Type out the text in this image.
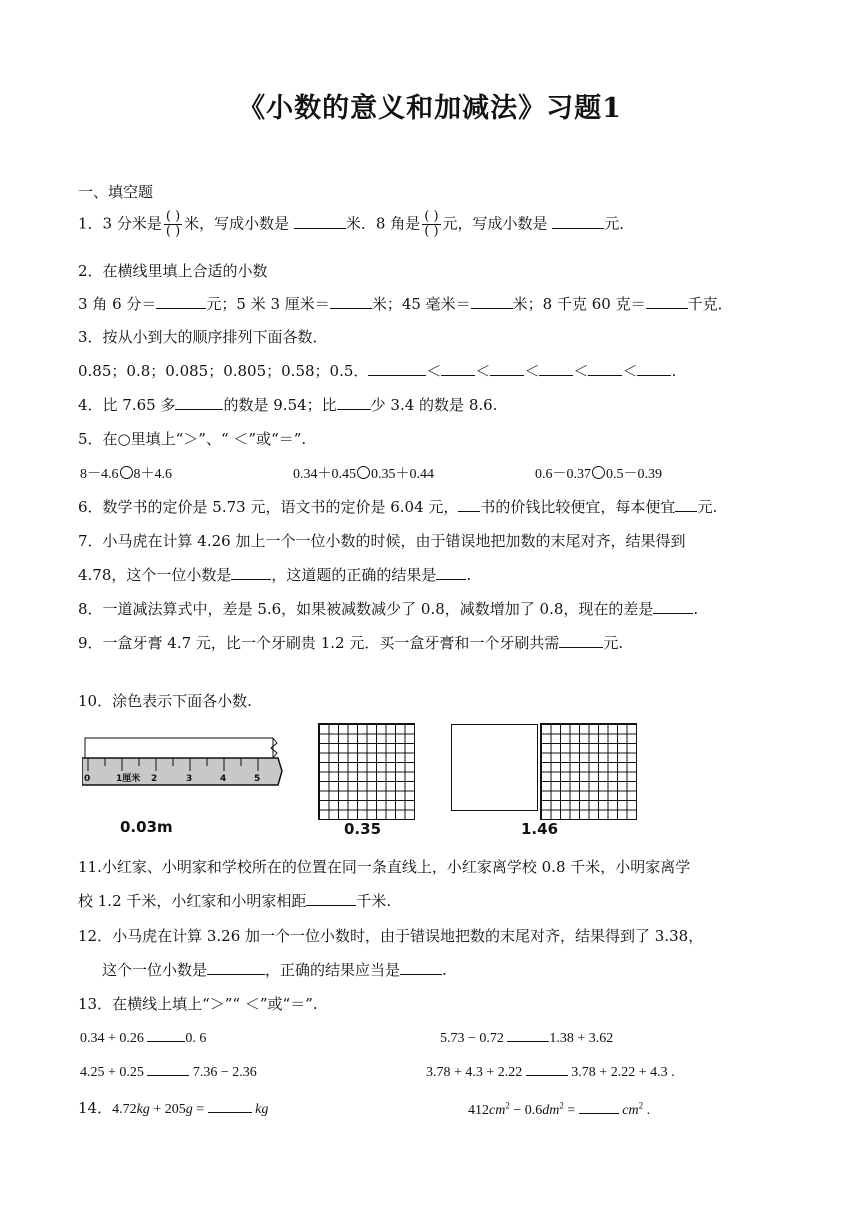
《小数的意义和加减法》习题1
一、填空题
1．3 分米是 $\frac{( )}{( )}$ 米，写成小数是	米．8 角是 $\frac{( )}{( )}$ 元，写成小数是	元．
2．在横线里填上合适的小数
3 角 6 分＝	元；5 米 3 厘米＝	米；45 毫米＝	米；8 千克 60 克＝	千克．
3．按从小到大的顺序排列下面各数．
0.85；0.8；0.085；0.805；0.58；0.5．	＜ ＜ ＜ ＜ ＜ .
4．比 7.65 多	的数是 9.54；比 少 3.4 的数是 8.6.
5．在○里填上“＞”、“ ＜”或“＝”.
8－4.6 8＋4.6	0.34＋0.45 0.35＋0.44	0.6－0.37 0.5－0.39
6．数学书的定价是 5.73 元，语文书的定价是 6.04 元， 书的价钱比较便宜，每本便宜 元.
7．小马虎在计算 4.26 加上一个一位小数的时候，由于错误地把加数的末尾对齐，结果得到
4.78，这个一位小数是	，这道题的正确的结果是 .
8．一道减法算式中，差是 5.6，如果被减数减少了 0.8，减数增加了 0.8，现在的差是	.
9．一盒牙膏 4.7 元，比一个牙刷贵 1.2 元．买一盒牙膏和一个牙刷共需	元.
10．涂色表示下面各小数.
0	1厘米 2	3	4	5
0.03m	0.35	1.46
11.小红家、小明家和学校所在的位置在同一条直线上，小红家离学校 0.8 千米，小明家离学
校 1.2 千米，小红家和小明家相距	千米.
12．小马虎在计算 3.26 加一个一位小数时，由于错误地把数的末尾对齐，结果得到了 3.38，
这个一位小数是	，正确的结果应当是	.
13．在横线上填上“＞”“ ＜”或“＝”.
0.34 + 0.26	0. 6	5.73 − 0.72	1.38 + 3.62
4.25 + 0.25	7.36 − 2.36	3.78 + 4.3 + 2.22	3.78 + 2.22 + 4.3 .
14．4.72kg + 205g =	kg	$412cm^2 - 0.6dm^2$ =	$cm^2$ .
